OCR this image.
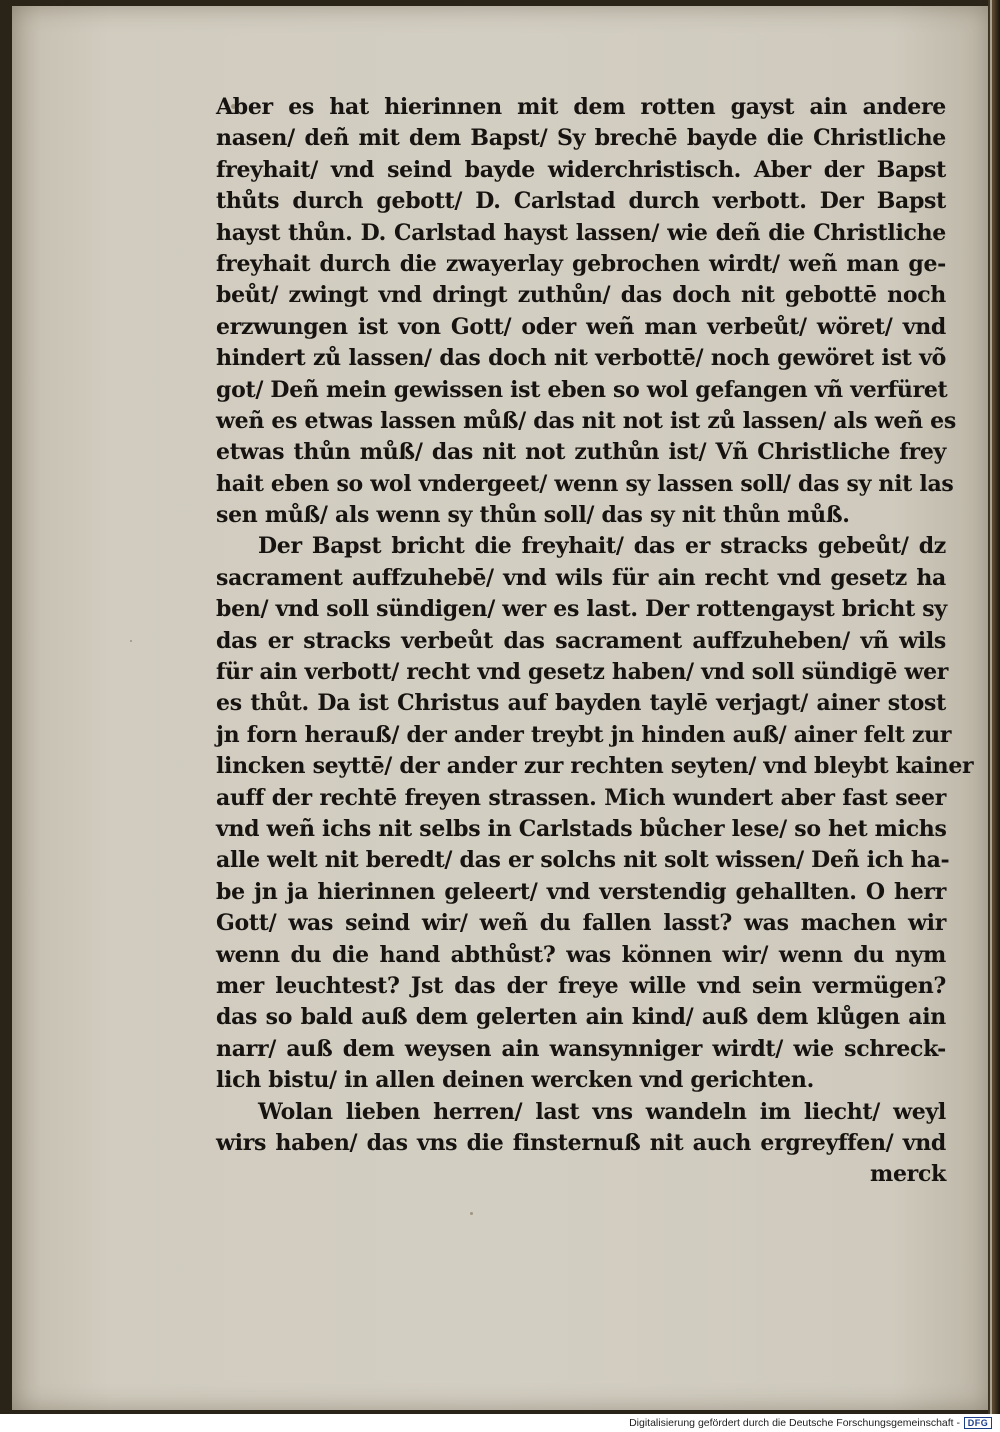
Aber es hat hierinnen mit dem rotten gayst ain andere
nasen/ deñ mit dem Bapst/ Sy brechē bayde die Christliche
freyhait/ vnd seind bayde widerchristisch. Aber der Bapst
thůts durch gebott/ D. Carlstad durch verbott. Der Bapst
hayst thůn. D. Carlstad hayst lassen/ wie deñ die Christliche
freyhait durch die zwayerlay gebrochen wirdt/ weñ man ge-
beůt/ zwingt vnd dringt zuthůn/ das doch nit gebottē noch
erzwungen ist von Gott/ oder weñ man verbeůt/ wöret/ vnd
hindert zů lassen/ das doch nit verbottē/ noch gewöret ist võ
got/ Deñ mein gewissen ist eben so wol gefangen vñ verfüret
weñ es etwas lassen můß/ das nit not ist zů lassen/ als weñ es
etwas thůn můß/ das nit not zuthůn ist/ Vñ Christliche frey
hait eben so wol vndergeet/ wenn sy lassen soll/ das sy nit las
sen můß/ als wenn sy thůn soll/ das sy nit thůn můß.
Der Bapst bricht die freyhait/ das er stracks gebeůt/ dz
sacrament auffzuhebē/ vnd wils für ain recht vnd gesetz ha
ben/ vnd soll sündigen/ wer es last. Der rottengayst bricht sy
das er stracks verbeůt das sacrament auffzuheben/ vñ wils
für ain verbott/ recht vnd gesetz haben/ vnd soll sündigē wer
es thůt. Da ist Christus auf bayden taylē verjagt/ ainer stost
jn forn herauß/ der ander treybt jn hinden auß/ ainer felt zur
lincken seyttē/ der ander zur rechten seyten/ vnd bleybt kainer
auff der rechtē freyen strassen. Mich wundert aber fast seer
vnd weñ ichs nit selbs in Carlstads bůcher lese/ so het michs
alle welt nit beredt/ das er solchs nit solt wissen/ Deñ ich ha-
be jn ja hierinnen geleert/ vnd verstendig gehallten. O herr
Gott/ was seind wir/ weñ du fallen lasst? was machen wir
wenn du die hand abthůst? was können wir/ wenn du nym
mer leuchtest? Jst das der freye wille vnd sein vermügen?
das so bald auß dem gelerten ain kind/ auß dem klůgen ain
narr/ auß dem weysen ain wansynniger wirdt/ wie schreck-
lich bistu/ in allen deinen wercken vnd gerichten.
Wolan lieben herren/ last vns wandeln im liecht/ weyl
wirs haben/ das vns die finsternuß nit auch ergreyffen/ vnd
merck
Digitalisierung gefördert durch die Deutsche Forschungsgemeinschaft - DFG
